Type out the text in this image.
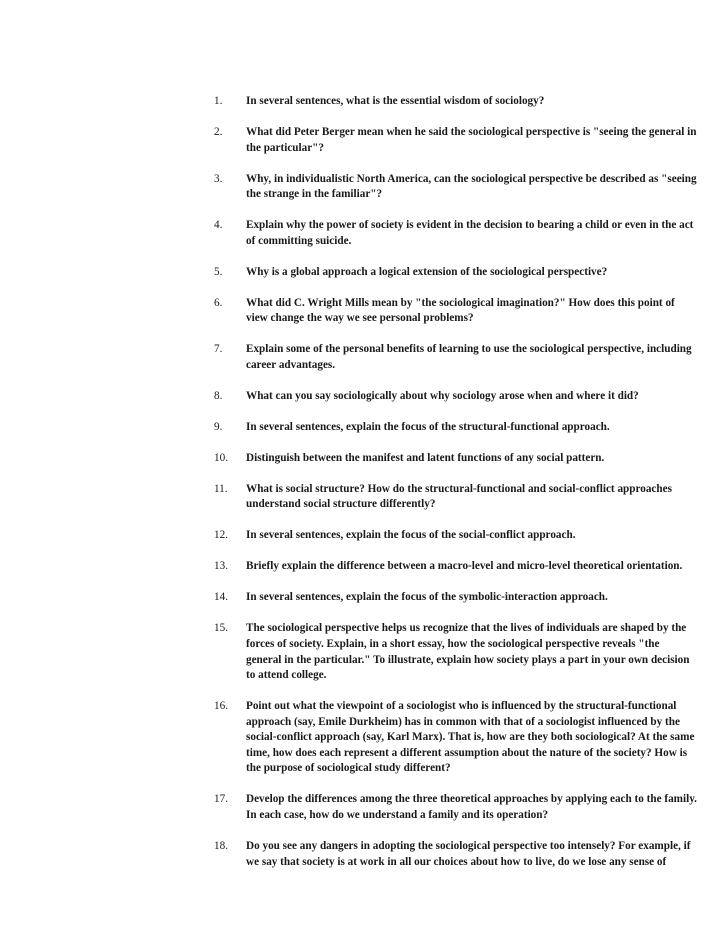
1.	In several sentences, what is the essential wisdom of sociology?
2.	What did Peter Berger mean when he said the sociological perspective is "seeing the general in
the particular"?
3.	Why, in individualistic North America, can the sociological perspective be described as "seeing
the strange in the familiar"?
4.	Explain why the power of society is evident in the decision to bearing a child or even in the act
of committing suicide.
5.	Why is a global approach a logical extension of the sociological perspective?
6.	What did C. Wright Mills mean by "the sociological imagination?" How does this point of
view change the way we see personal problems?
7.	Explain some of the personal benefits of learning to use the sociological perspective, including
career advantages.
8.	What can you say sociologically about why sociology arose when and where it did?
9.	In several sentences, explain the focus of the structural-functional approach.
10.	Distinguish between the manifest and latent functions of any social pattern.
11.	What is social structure? How do the structural-functional and social-conflict approaches
understand social structure differently?
12.	In several sentences, explain the focus of the social-conflict approach.
13.	Briefly explain the difference between a macro-level and micro-level theoretical orientation.
14.	In several sentences, explain the focus of the symbolic-interaction approach.
15.	The sociological perspective helps us recognize that the lives of individuals are shaped by the
forces of society. Explain, in a short essay, how the sociological perspective reveals "the
general in the particular." To illustrate, explain how society plays a part in your own decision
to attend college.
16.	Point out what the viewpoint of a sociologist who is influenced by the structural-functional
approach (say, Emile Durkheim) has in common with that of a sociologist influenced by the
social-conflict approach (say, Karl Marx). That is, how are they both sociological? At the same
time, how does each represent a different assumption about the nature of the society? How is
the purpose of sociological study different?
17.	Develop the differences among the three theoretical approaches by applying each to the family.
In each case, how do we understand a family and its operation?
18.	Do you see any dangers in adopting the sociological perspective too intensely? For example, if
we say that society is at work in all our choices about how to live, do we lose any sense of
